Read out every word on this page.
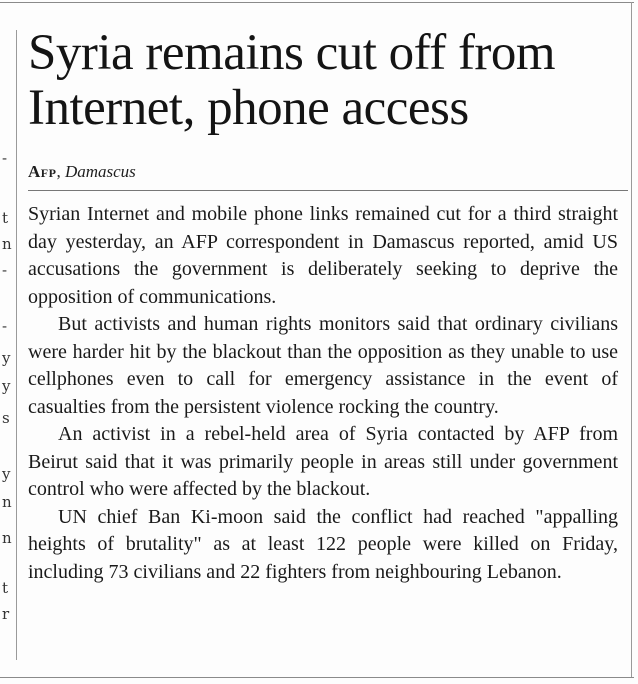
-
t
n
-
-
y
y
s
y
n
n
t
r
Syria remains cut off from Internet, phone access
Afp, Damascus

Syrian Internet and mobile phone links remained cut for a third straight day yesterday, an AFP correspondent in Damascus reported, amid US accusations the government is deliberately seeking to deprive the opposition of communications.

But activists and human rights monitors said that ordinary civilians were harder hit by the blackout than the opposition as they unable to use cellphones even to call for emergency assistance in the event of casualties from the persistent violence rocking the country.

An activist in a rebel-held area of Syria contacted by AFP from Beirut said that it was primarily people in areas still under government control who were affected by the blackout.

UN chief Ban Ki-moon said the conflict had reached "appalling heights of brutality" as at least 122 people were killed on Friday, including 73 civilians and 22 fighters from neighbouring Lebanon.
